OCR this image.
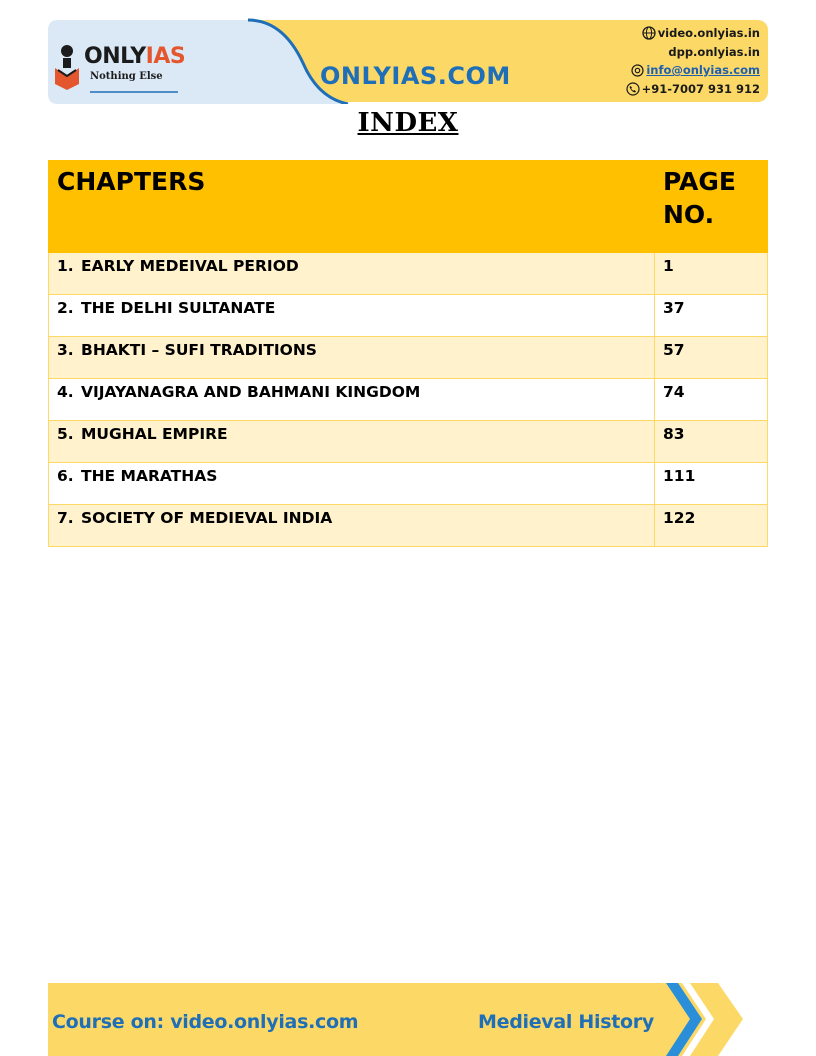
ONLYIAS
Nothing Else	ONLYIAS.COM
video.onlyias.in
dpp.onlyias.in
info@onlyias.com
+91-7007 931 912
INDEX
CHAPTERS	PAGE
NO.
1. EARLY MEDEIVAL PERIOD	1
2. THE DELHI SULTANATE	37
3. BHAKTI – SUFI TRADITIONS	57
4. VIJAYANAGRA AND BAHMANI KINGDOM	74
5. MUGHAL EMPIRE	83
6. THE MARATHAS	111
7. SOCIETY OF MEDIEVAL INDIA	122
Course on: video.onlyias.com	Medieval History
